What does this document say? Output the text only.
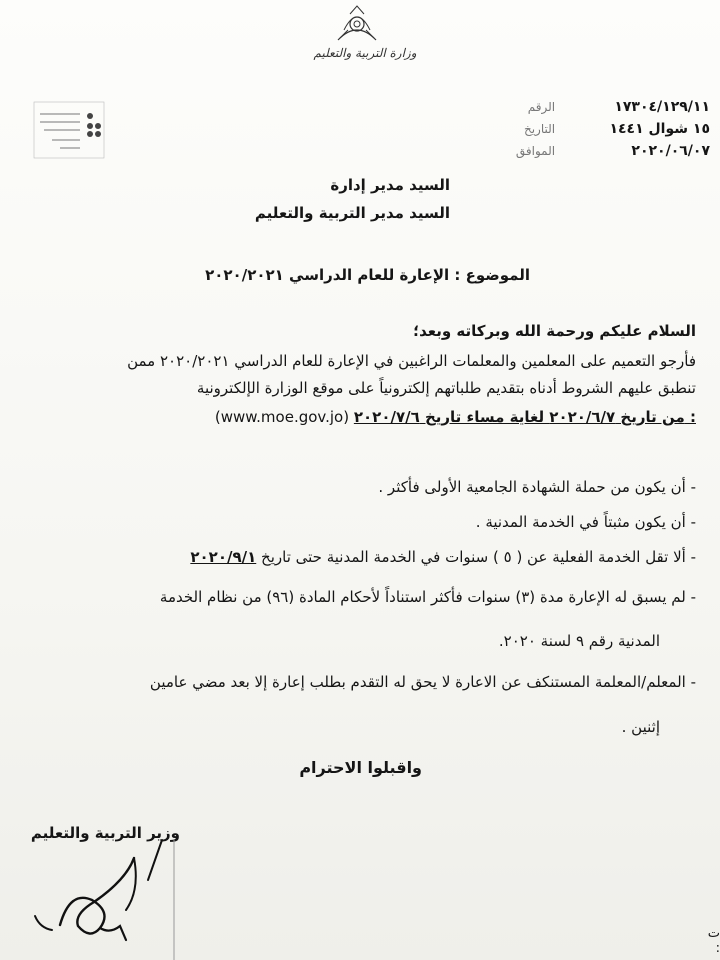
وزارة التربية والتعليم
الرقم	١٧٣٠٤/١٢٩/١١
التاريخ	١٥ شوال ١٤٤١
الموافق	٢٠٢٠/٠٦/٠٧
السيد مدير إدارة
السيد مدير التربية والتعليم
الموضوع : الإعارة للعام الدراسي ٢٠٢٠/٢٠٢١
السلام عليكم ورحمة الله وبركاته وبعد؛
فأرجو التعميم على المعلمين والمعلمات الراغبين في الإعارة للعام الدراسي ٢٠٢٠/٢٠٢١ ممن
تنطبق عليهم الشروط أدناه بتقديم طلباتهم إلكترونياً على موقع الوزارة الإلكترونية
(www.moe.gov.jo) من تاريخ ٢٠٢٠/٦/٧ لغاية مساء تاريخ ٢٠٢٠/٧/٦ :
- أن يكون من حملة الشهادة الجامعية الأولى فأكثر .
- أن يكون مثبتاً في الخدمة المدنية .
- ألا تقل الخدمة الفعلية عن ( ٥ ) سنوات في الخدمة المدنية حتى تاريخ ٢٠٢٠/٩/١
- لم يسبق له الإعارة مدة (٣) سنوات فأكثر استناداً لأحكام المادة (٩٦) من نظام الخدمة
المدنية رقم ٩ لسنة ٢٠٢٠.
- المعلم/المعلمة المستنكف عن الاعارة لا يحق له التقدم بطلب إعارة إلا بعد مضي عامين
إثنين .
واقبلوا الاحترام
وزير التربية والتعليم
ت :
